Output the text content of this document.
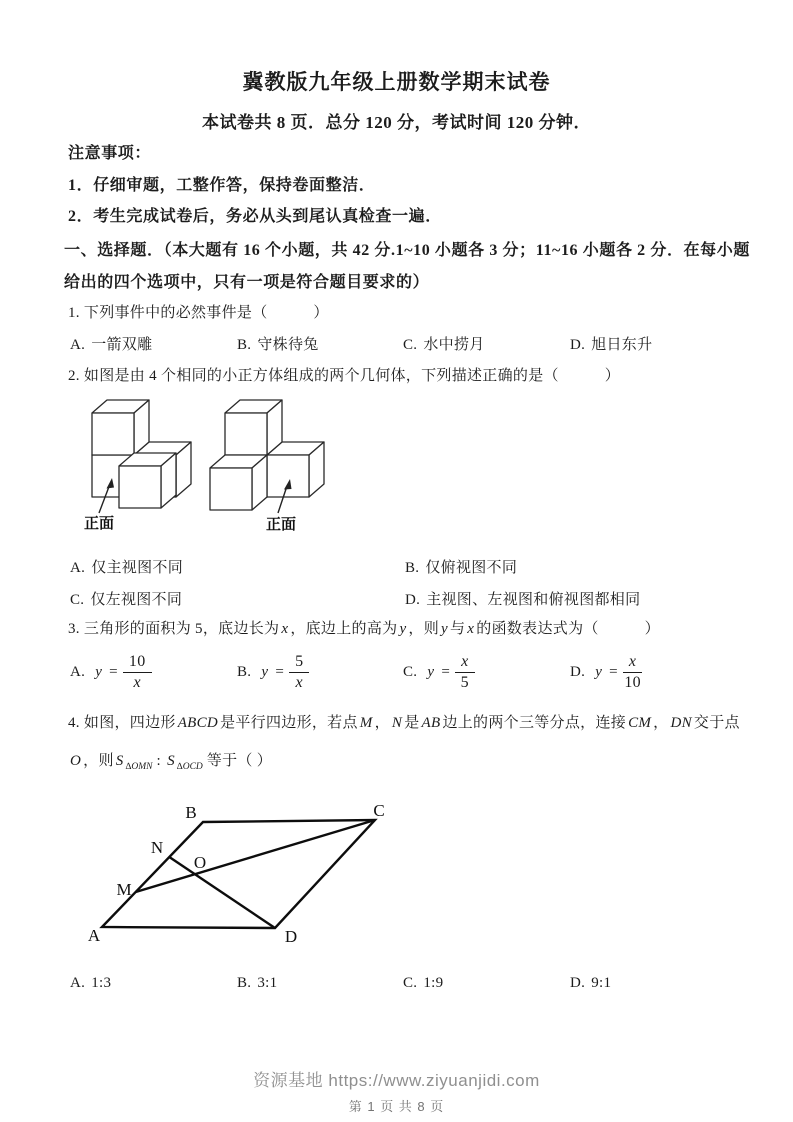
冀教版九年级上册数学期末试卷
本试卷共 8 页．总分 120 分，考试时间 120 分钟．
注意事项：
1．仔细审题，工整作答，保持卷面整洁．
2．考生完成试卷后，务必从头到尾认真检查一遍．
一、选择题．（本大题有 16 个小题，共 42 分.1~10 小题各 3 分；11~16 小题各 2 分．在每小题
给出的四个选项中，只有一项是符合题目要求的）
1. 下列事件中的必然事件是（　　　）
A. 一箭双雕	B. 守株待兔	C. 水中捞月	D. 旭日东升
2. 如图是由 4 个相同的小正方体组成的两个几何体，下列描述正确的是（　　　）
正面	正面
A. 仅主视图不同	B. 仅俯视图不同
C. 仅左视图不同	D. 主视图、左视图和俯视图都相同
3. 三角形的面积为 5，底边长为 x ，底边上的高为 y ，则 y 与 x 的函数表达式为（　　　）
A. $y = \frac{10}{x}$	B. $y = \frac{5}{x}$	C. $y = \frac{x}{5}$	D. $y = \frac{x}{10}$
4. 如图，四边形 ABCD 是平行四边形，若点 M ， N 是 AB 边上的两个三等分点，连接 CM ， DN 交于点
O ，则 S $_{\Delta OMN}$ : S $_{\Delta OCD}$ 等于（ ）
A
B	C
D
M
N
O
A. 1:3	B. 3:1	C. 1:9	D. 9:1
资源基地 https://www.ziyuanjidi.com
第 1 页 共 8 页
